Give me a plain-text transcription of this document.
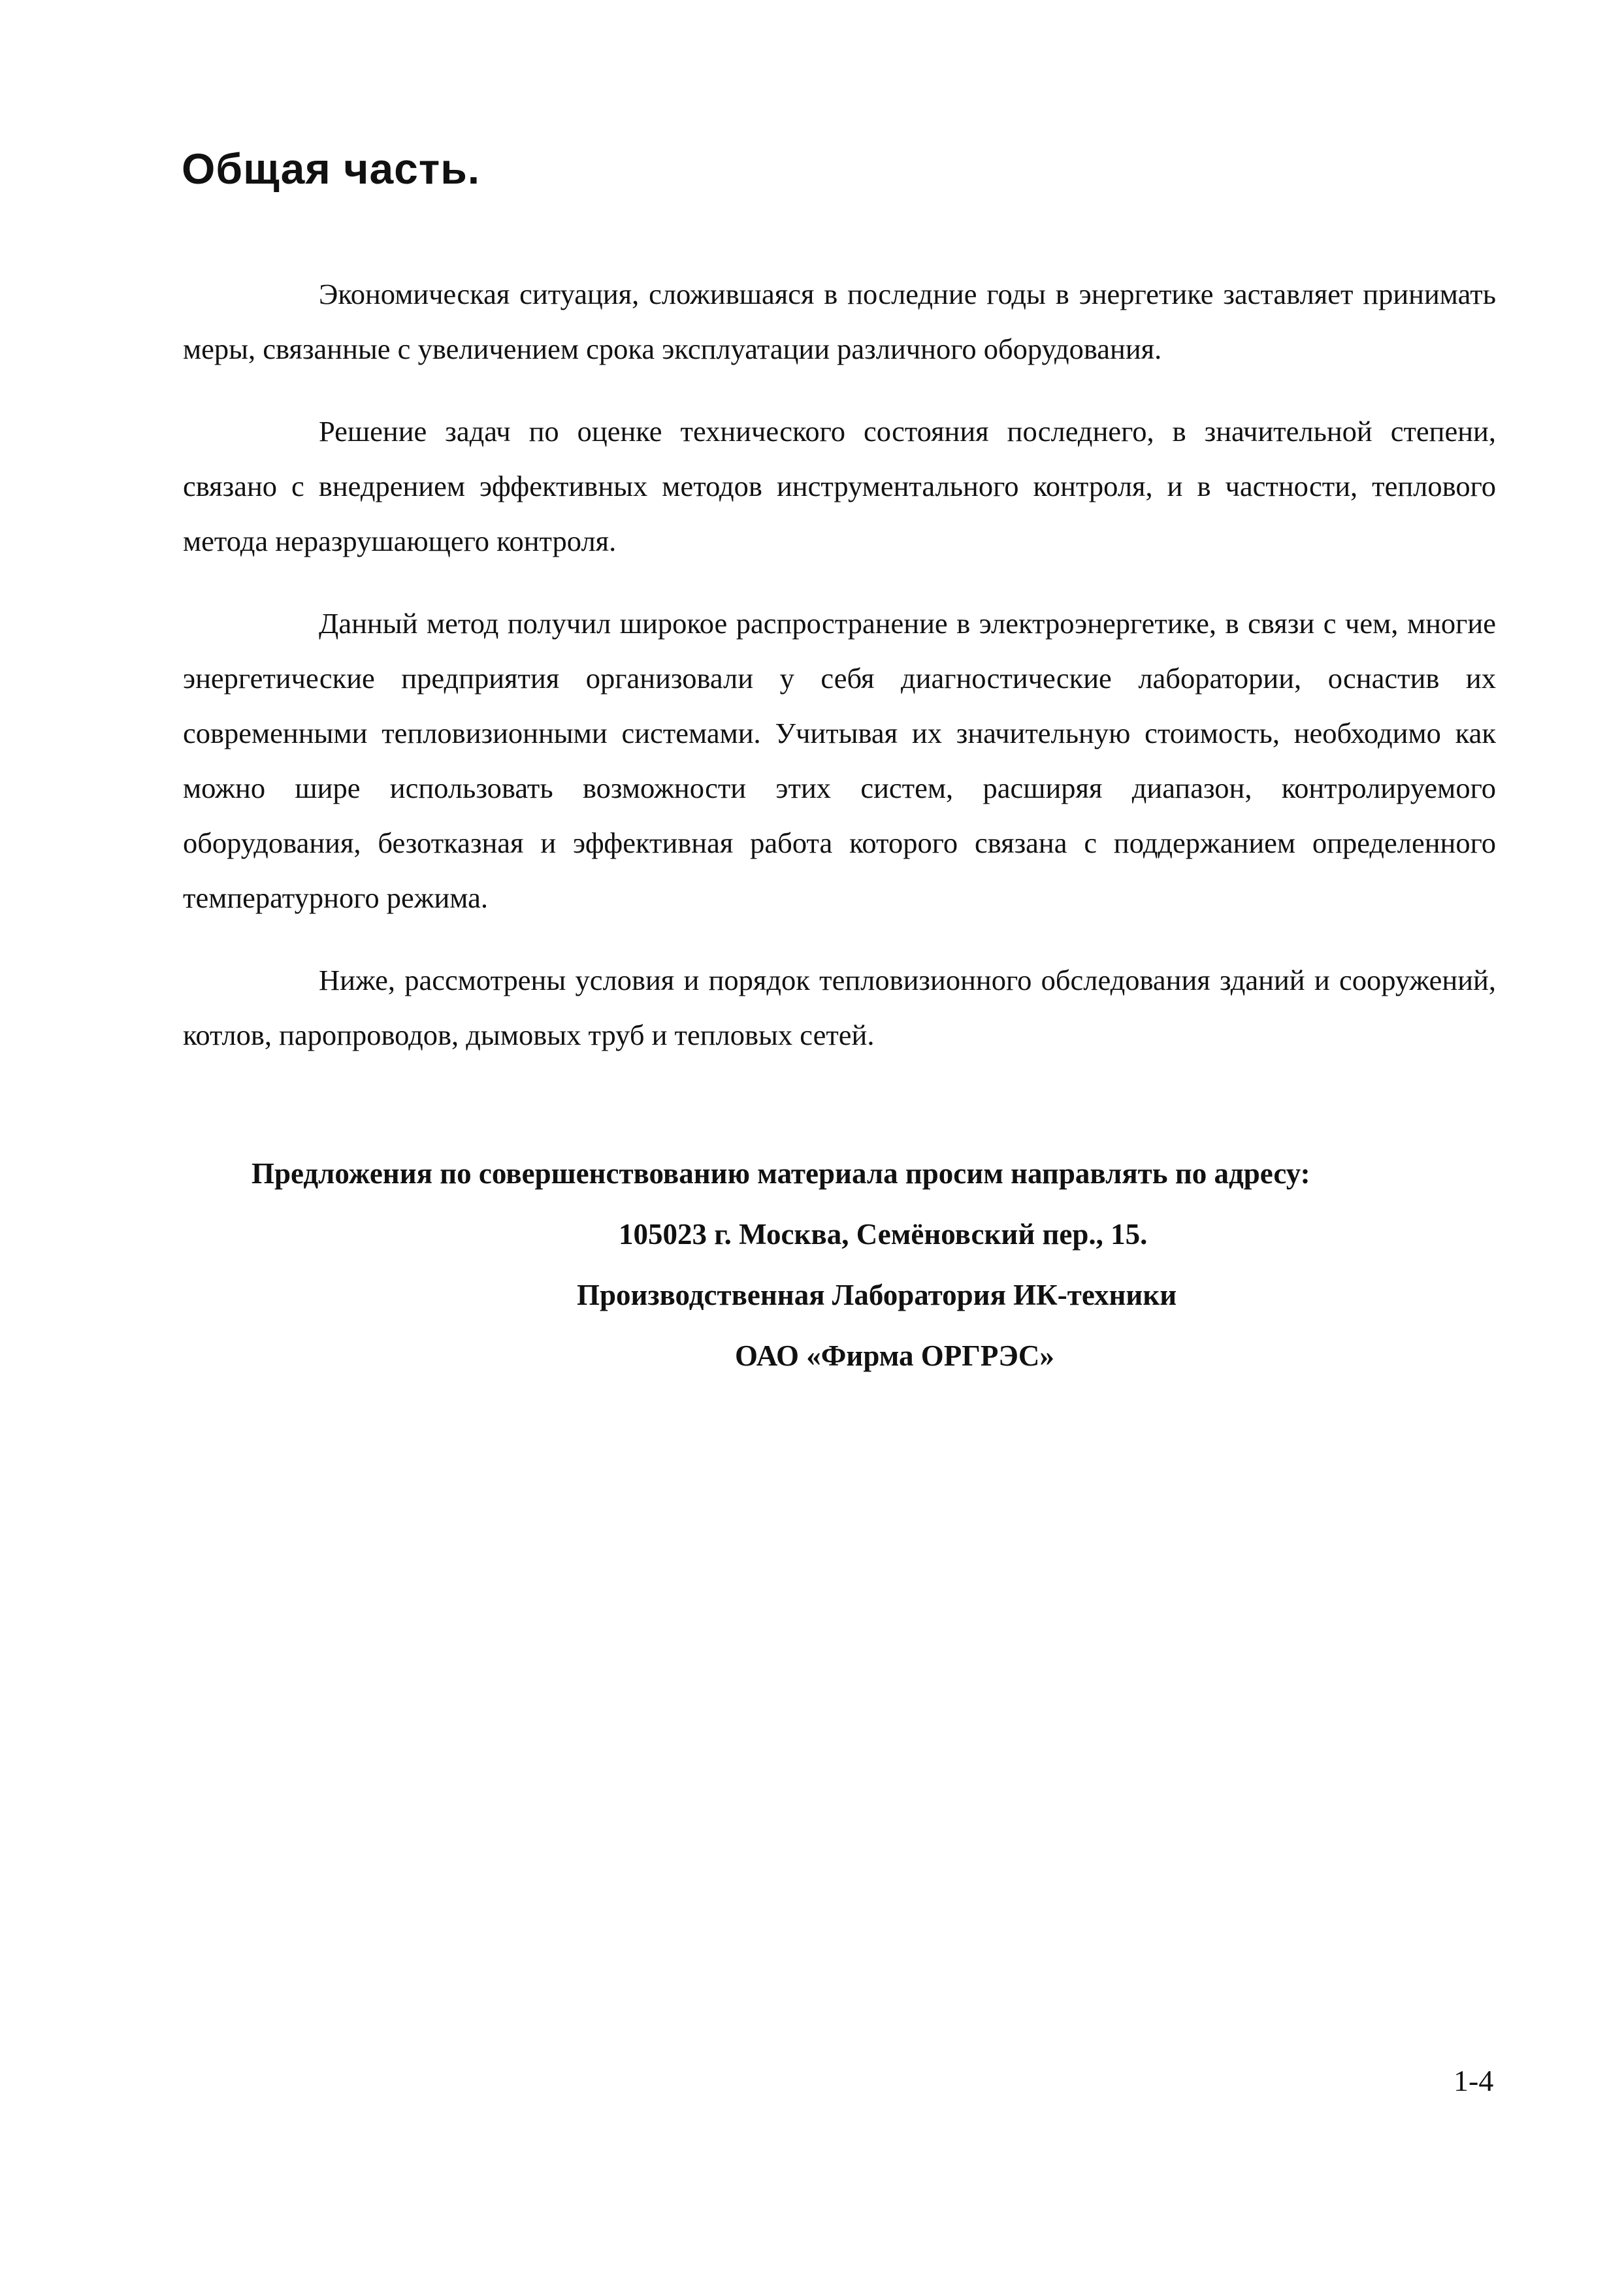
Общая часть.

Экономическая ситуация, сложившаяся в последние годы в энергетике заставляет принимать меры, связанные с увеличением срока эксплуатации различного оборудования.

Решение задач по оценке технического состояния последнего, в значительной степени, связано с внедрением эффективных методов инструментального контроля, и в частности, теплового метода неразрушающего контроля.

Данный метод получил широкое распространение в электроэнергетике, в связи с чем, многие энергетические предприятия организовали у себя диагностические лаборатории, оснастив их современными тепловизионными системами. Учитывая их значительную стоимость, необходимо как можно шире использовать возможности этих систем, расширяя диапазон, контролируемого оборудования, безотказная и эффективная работа которого связана с поддержанием определенного температурного режима.

Ниже, рассмотрены условия и порядок тепловизионного обследования зданий и сооружений, котлов, паропроводов, дымовых труб и тепловых сетей.

Предложения по совершенствованию материала просим направлять по адресу:
105023 г. Москва, Семёновский пер., 15.
Производственная Лаборатория ИК-техники
ОАО «Фирма ОРГРЭС»
1-4
